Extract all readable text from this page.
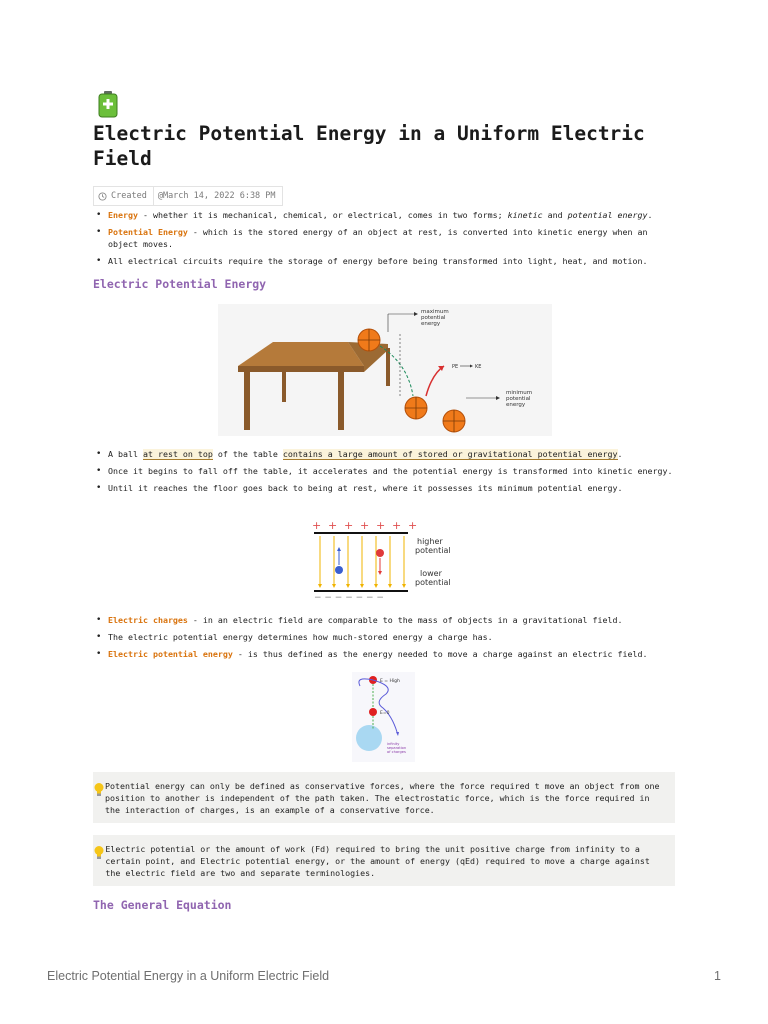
Electric Potential Energy in a Uniform Electric Field
Created	@March 14, 2022 6:38 PM
• Energy - whether it is mechanical, chemical, or electrical, comes in two forms; kinetic and potential energy.
• Potential Energy - which is the stored energy of an object at rest, is converted into kinetic energy when an object moves.
• All electrical circuits require the storage of energy before being transformed into light, heat, and motion.
Electric Potential Energy
maximum
potential
energy
PE	KE
minimum
potential
energy
• A ball at rest on top of the table contains a large amount of stored or gravitational potential energy.
• Once it begins to fall off the table, it accelerates and the potential energy is transformed into kinetic energy.
• Until it reaches the floor goes back to being at rest, where it possesses its minimum potential energy.
+ + + + + + +
− − − − − − −
higher
potential
lower
potential
• Electric charges - in an electric field are comparable to the mass of objects in a gravitational field.
• The electric potential energy determines how much-stored energy a charge has.
• Electric potential energy - is thus defined as the energy needed to move a charge against an electric field.
E = High
E=0
infinity
separation
of charges
Potential energy can only be defined as conservative forces, where the force required t move an object from one position to another is independent of the path taken. The electrostatic force, which is the force required in the interaction of charges, is an example of a conservative force.
Electric potential or the amount of work (Fd) required to bring the unit positive charge from infinity to a certain point, and Electric potential energy, or the amount of energy (qEd) required to move a charge against the electric field are two and separate terminologies.
The General Equation
Electric Potential Energy in a Uniform Electric Field	1
